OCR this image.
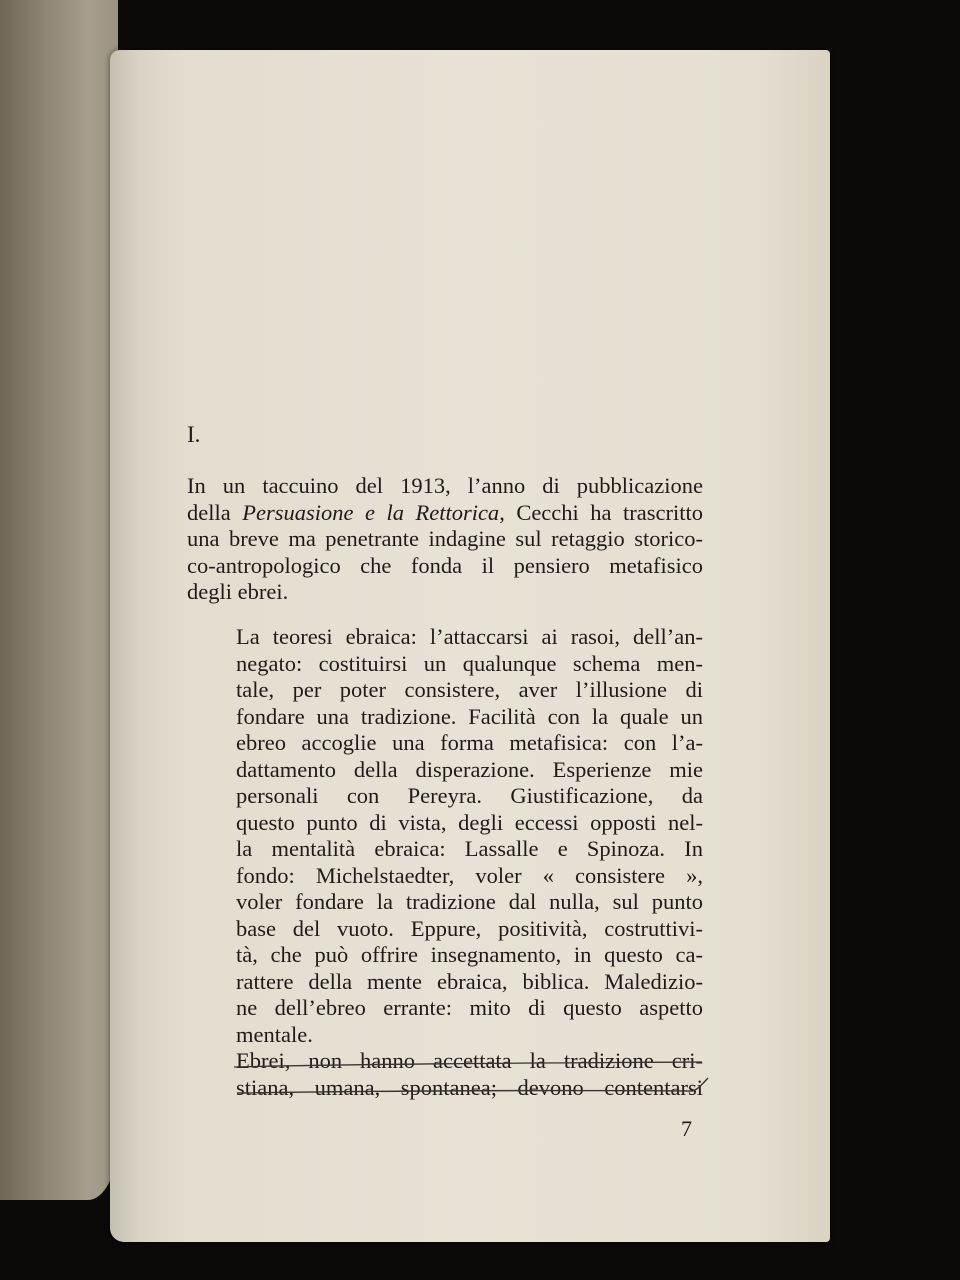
I.
In un taccuino del 1913, l’anno di pubblicazione
della Persuasione e la Rettorica, Cecchi ha trascritto
una breve ma penetrante indagine sul retaggio storico-
co-antropologico che fonda il pensiero metafisico
degli ebrei.
La teoresi ebraica: l’attaccarsi ai rasoi, dell’an-
negato: costituirsi un qualunque schema men-
tale, per poter consistere, aver l’illusione di
fondare una tradizione. Facilità con la quale un
ebreo accoglie una forma metafisica: con l’a-
dattamento della disperazione. Esperienze mie
personali con Pereyra. Giustificazione, da
questo punto di vista, degli eccessi opposti nel-
la mentalità ebraica: Lassalle e Spinoza. In
fondo: Michelstaedter, voler « consistere »,
voler fondare la tradizione dal nulla, sul punto
base del vuoto. Eppure, positività, costruttivi-
tà, che può offrire insegnamento, in questo ca-
rattere della mente ebraica, biblica. Maledizio-
ne dell’ebreo errante: mito di questo aspetto
mentale.
Ebrei, non hanno accettata la tradizione cri-
stiana, umana, spontanea; devono contentarsi
7
